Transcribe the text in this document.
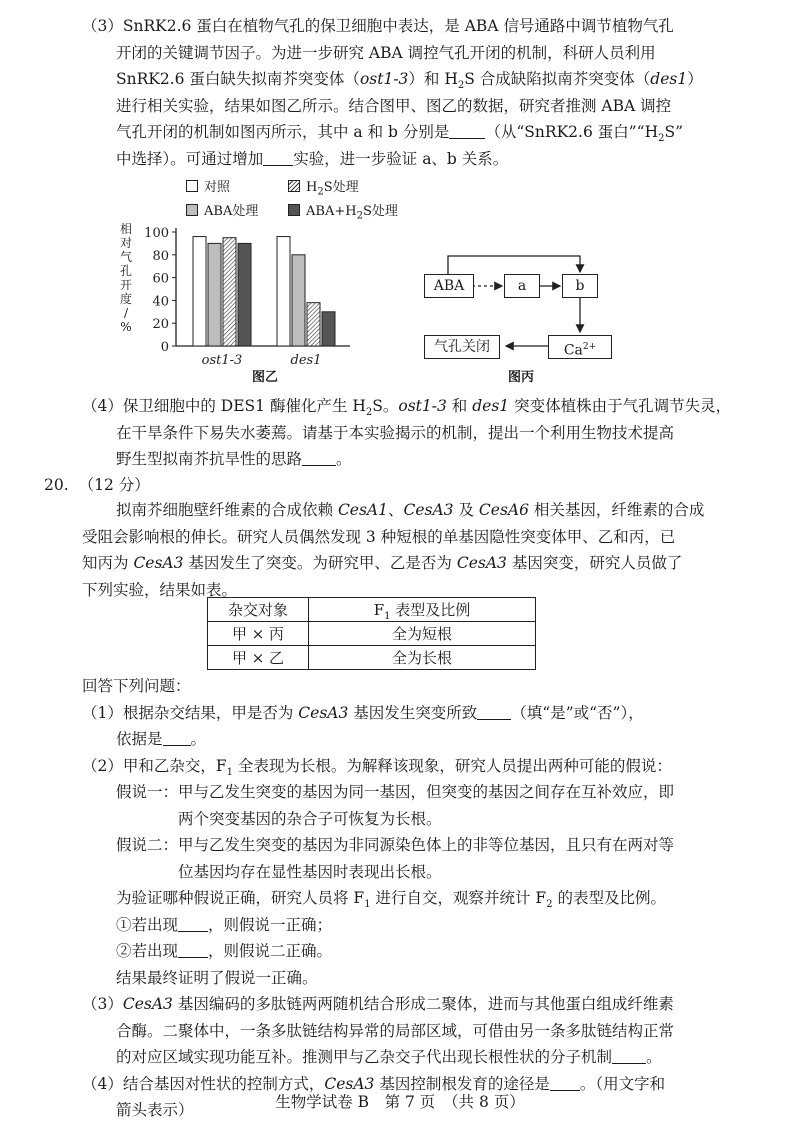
（3）SnRK2.6 蛋白在植物气孔的保卫细胞中表达，是 ABA 信号通路中调节植物气孔
开闭的关键调节因子。为进一步研究 ABA 调控气孔开闭的机制，科研人员利用
SnRK2.6 蛋白缺失拟南芥突变体（ost1-3）和 $H_2S$ 合成缺陷拟南芥突变体（des1）
进行相关实验，结果如图乙所示。结合图甲、图乙的数据，研究者推测 ABA 调控
气孔开闭的机制如图丙所示，其中 a 和 b 分别是 （从“SnRK2.6 蛋白$”“H_2S$”
中选择）。可通过增加 实验，进一步验证 a、b 关系。
对照	$H_2S$处理
ABA处理	$ABA+H_2S$处理
相对气孔开度 / %
0
20
40
60
80
100
ost1-3	des1
图乙
ABA	a	b
$Ca^{2+}$
气孔关闭
图丙
（4）保卫细胞中的 DES1 酶催化产生 $H_2S$。ost1-3 和 des1 突变体植株由于气孔调节失灵，
在干旱条件下易失水萎蔫。请基于本实验揭示的机制，提出一个利用生物技术提高
野生型拟南芥抗旱性的思路 。
20. （12 分）
拟南芥细胞壁纤维素的合成依赖 CesA1、CesA3 及 CesA6 相关基因，纤维素的合成
受阻会影响根的伸长。研究人员偶然发现 3 种短根的单基因隐性突变体甲、乙和丙，已
知丙为 CesA3 基因发生了突变。为研究甲、乙是否为 CesA3 基因突变，研究人员做了
下列实验，结果如表。
杂交对象	$F_1$ 表型及比例
甲 × 丙	全为短根
甲 × 乙	全为长根
回答下列问题：
（1）根据杂交结果，甲是否为 CesA3 基因发生突变所致 （填“是”或“否”），
依据是 。
（2）甲和乙杂交，$F_1$ 全表现为长根。为解释该现象，研究人员提出两种可能的假说：
假说一：甲与乙发生突变的基因为同一基因，但突变的基因之间存在互补效应，即
两个突变基因的杂合子可恢复为长根。
假说二：甲与乙发生突变的基因为非同源染色体上的非等位基因，且只有在两对等
位基因均存在显性基因时表现出长根。
为验证哪种假说正确，研究人员将 $F_1$ 进行自交，观察并统计 $F_2$ 的表型及比例。
①若出现 ，则假说一正确；
②若出现 ，则假说二正确。
结果最终证明了假说一正确。
（3）CesA3 基因编码的多肽链两两随机结合形成二聚体，进而与其他蛋白组成纤维素
合酶。二聚体中，一条多肽链结构异常的局部区域，可借由另一条多肽链结构正常
的对应区域实现功能互补。推测甲与乙杂交子代出现长根性状的分子机制 。
（4）结合基因对性状的控制方式，CesA3 基因控制根发育的途径是 。（用文字和
箭头表示）	生物学试卷 B　第 7 页　（共 8 页）
